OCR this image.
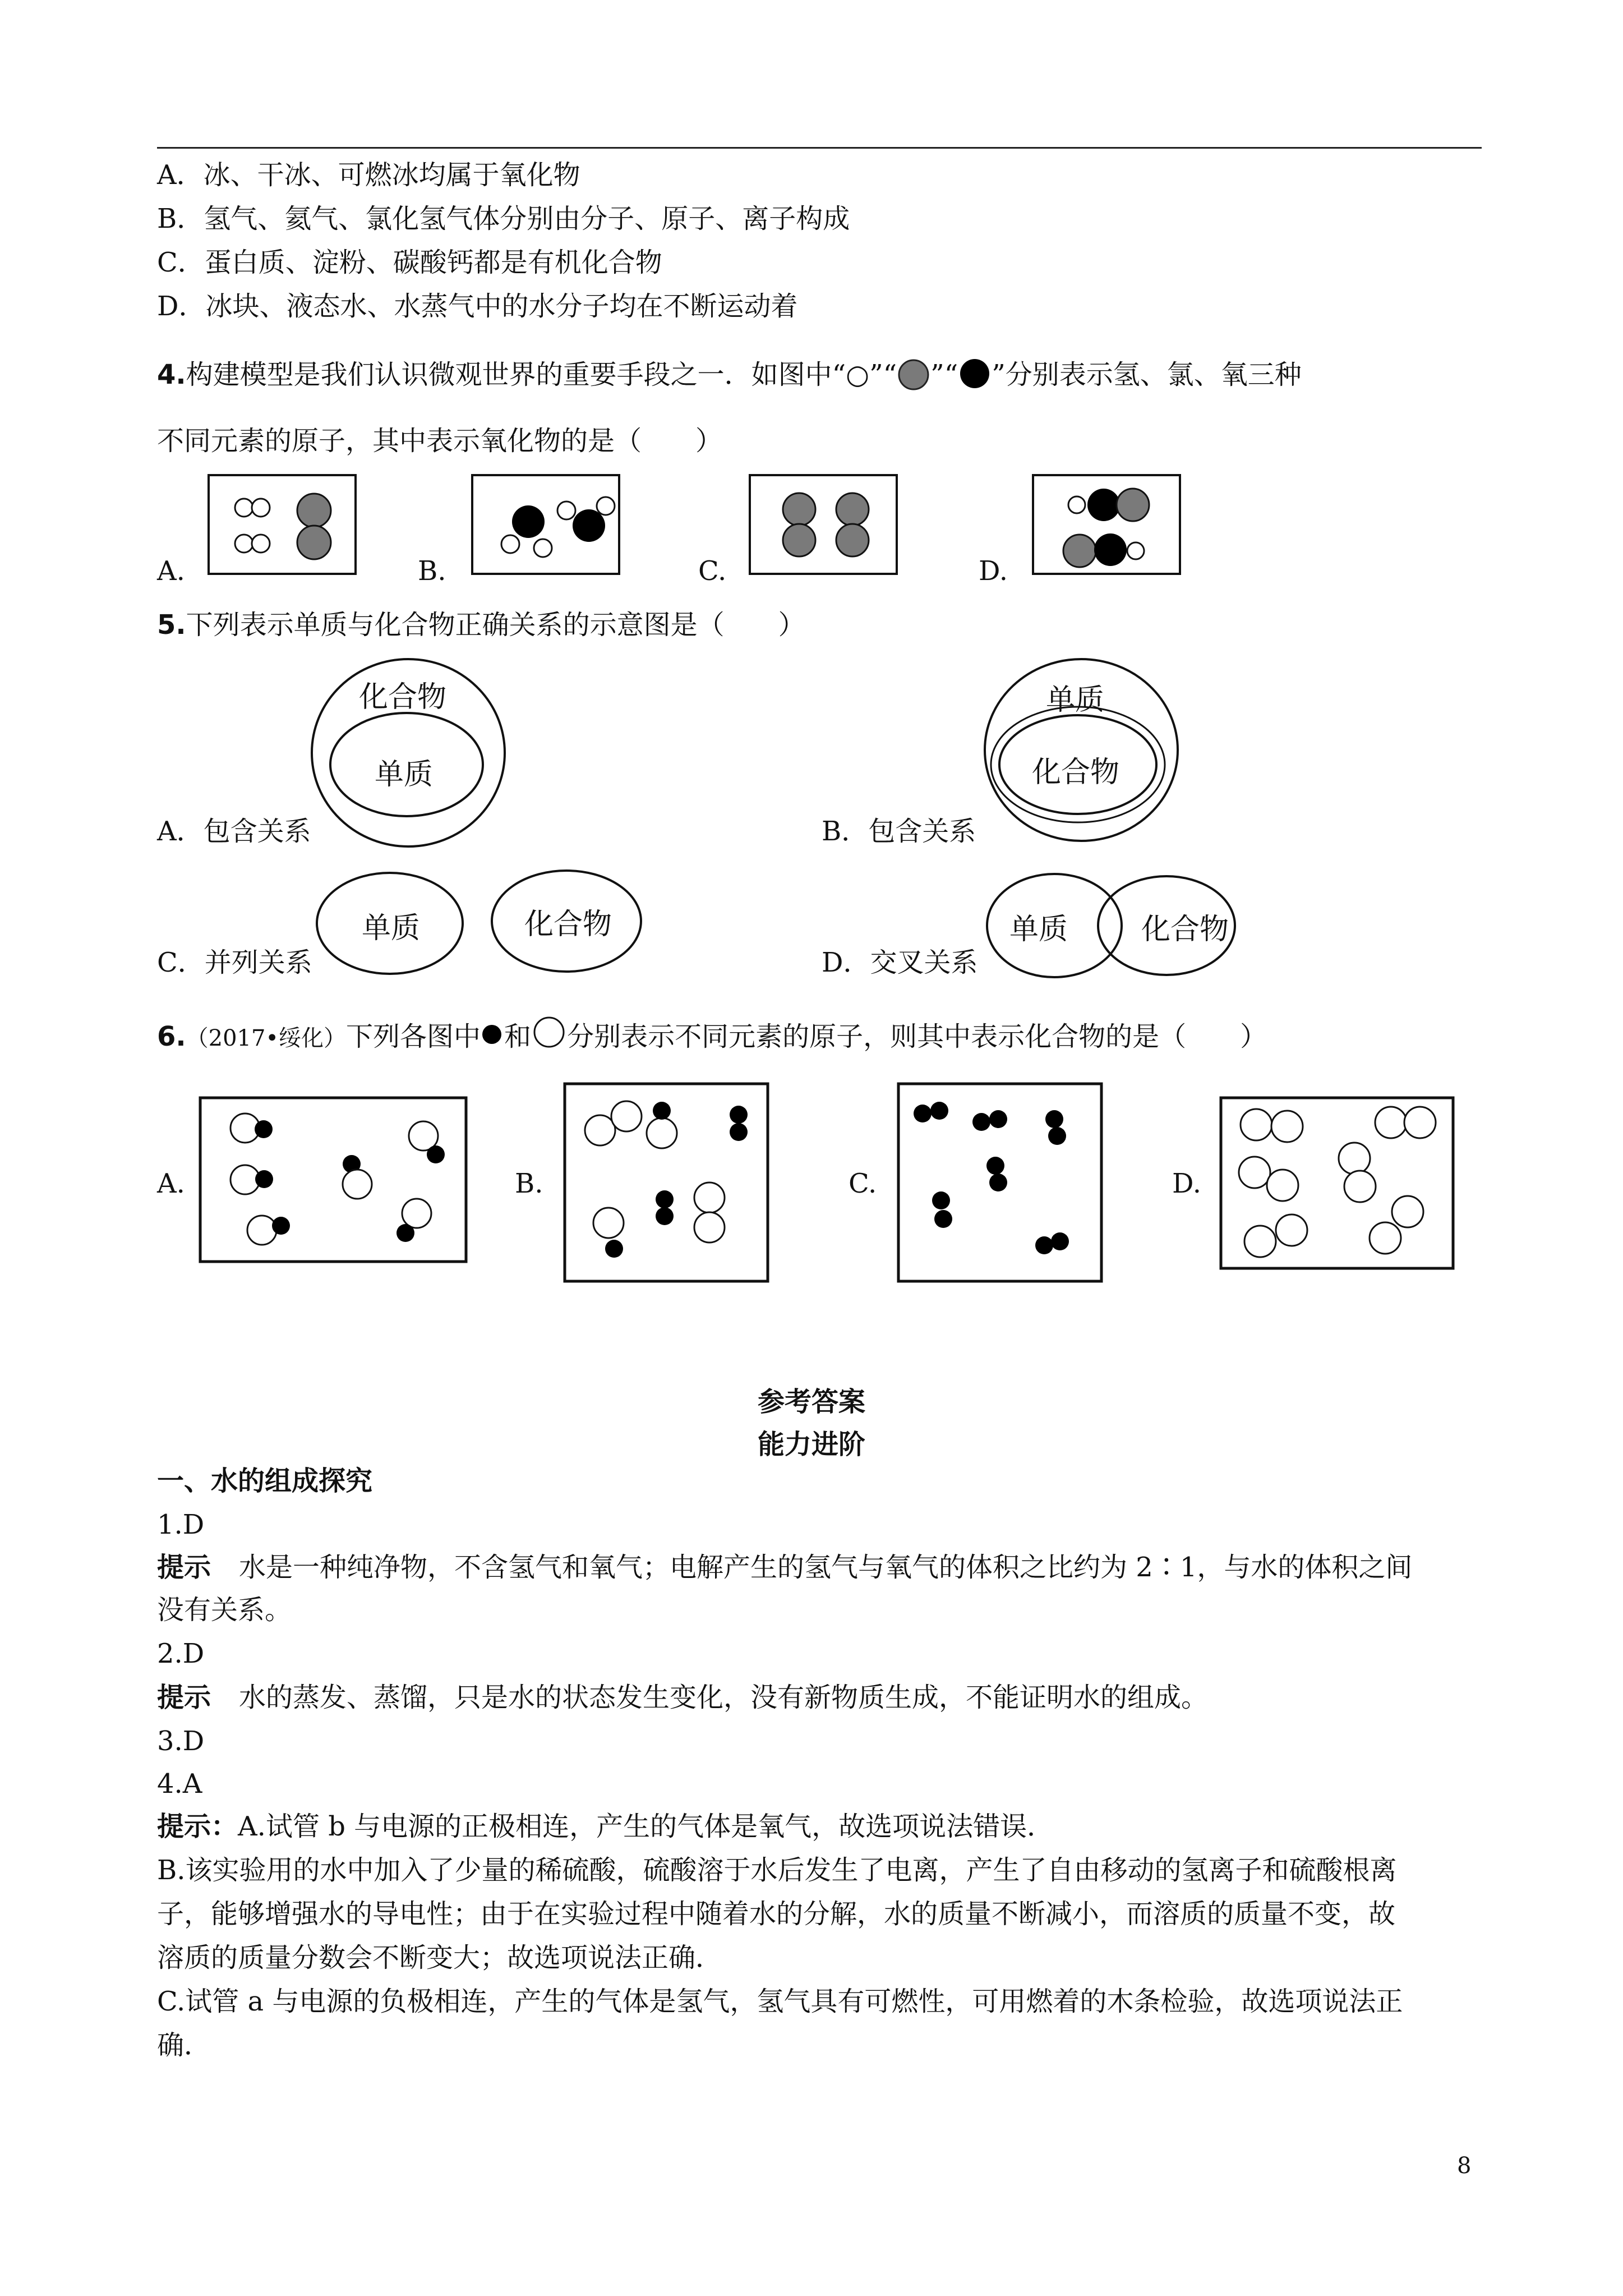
A．冰、干冰、可燃冰均属于氧化物
B．氢气、氦气、氯化氢气体分别由分子、原子、离子构成
C．蛋白质、淀粉、碳酸钙都是有机化合物
D．冰块、液态水、水蒸气中的水分子均在不断运动着
4.构建模型是我们认识微观世界的重要手段之一．如图中“○”“ ”“ ”分别表示氢、氯、氧三种
不同元素的原子，其中表示氧化物的是（　　）
A.	B.	C.	D.
5.下列表示单质与化合物正确关系的示意图是（　　）
化合物
单质
A．包含关系
单质
化合物
B．包含关系
单质	化合物
C．并列关系
单质	化合物
D．交叉关系
6.（2017•绥化）下列各图中 和 分别表示不同元素的原子，则其中表示化合物的是（　　）
A.	B.	C.	D.
参考答案
能力进阶
一、水的组成探究
1.D
提示 水是一种纯净物，不含氢气和氧气；电解产生的氢气与氧气的体积之比约为 2∶1，与水的体积之间
没有关系。
2.D
提示 水的蒸发、蒸馏，只是水的状态发生变化，没有新物质生成，不能证明水的组成。
3.D
4.A
提示：A.试管 b 与电源的正极相连，产生的气体是氧气，故选项说法错误．
B.该实验用的水中加入了少量的稀硫酸，硫酸溶于水后发生了电离，产生了自由移动的氢离子和硫酸根离
子，能够增强水的导电性；由于在实验过程中随着水的分解，水的质量不断减小，而溶质的质量不变，故
溶质的质量分数会不断变大；故选项说法正确．
C.试管 a 与电源的负极相连，产生的气体是氢气，氢气具有可燃性，可用燃着的木条检验，故选项说法正
确．
8
